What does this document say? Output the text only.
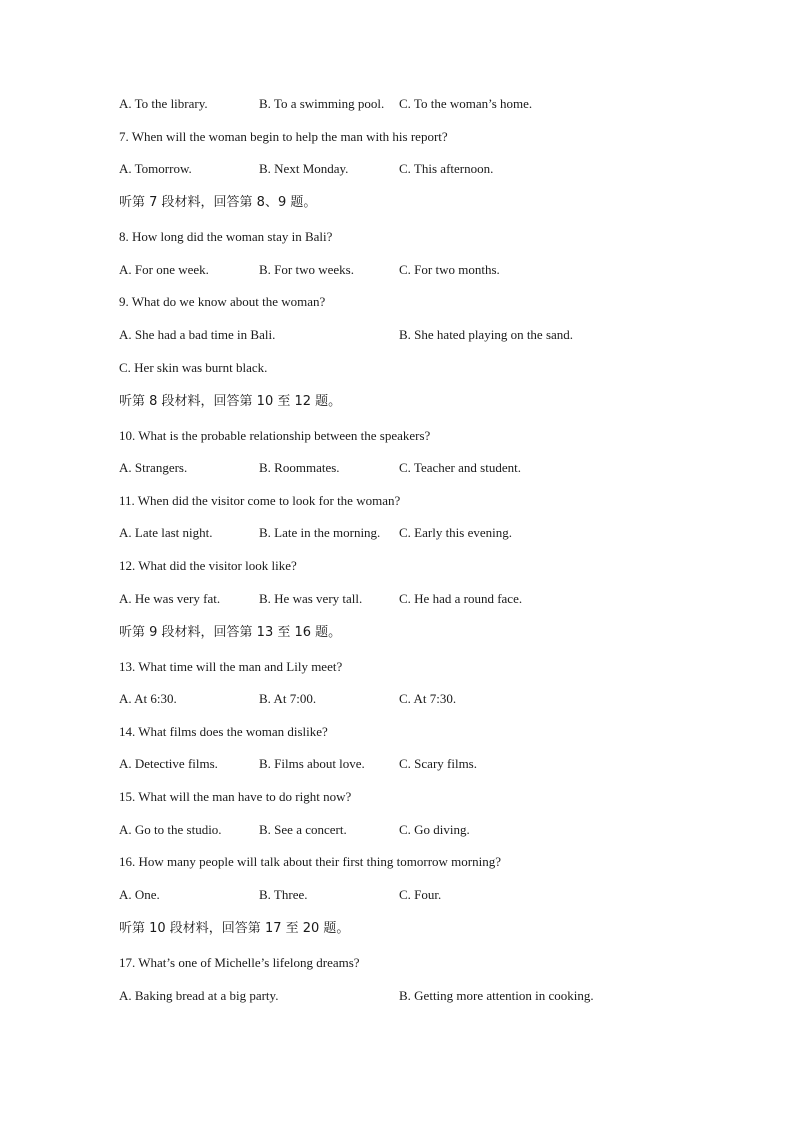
A. To the library.	B. To a swimming pool. C. To the woman’s home.
7. When will the woman begin to help the man with his report?
A. Tomorrow.	B. Next Monday.	C. This afternoon.
听第 7 段材料，回答第 8、9 题。
8. How long did the woman stay in Bali?
A. For one week.	B. For two weeks.	C. For two months.
9. What do we know about the woman?
A. She had a bad time in Bali.	B. She hated playing on the sand.
C. Her skin was burnt black.
听第 8 段材料，回答第 10 至 12 题。
10. What is the probable relationship between the speakers?
A. Strangers.	B. Roommates.	C. Teacher and student.
11. When did the visitor come to look for the woman?
A. Late last night.	B. Late in the morning. C. Early this evening.
12. What did the visitor look like?
A. He was very fat.	B. He was very tall.	C. He had a round face.
听第 9 段材料，回答第 13 至 16 题。
13. What time will the man and Lily meet?
A. At 6:30.	B. At 7:00.	C. At 7:30.
14. What films does the woman dislike?
A. Detective films.	B. Films about love.	C. Scary films.
15. What will the man have to do right now?
A. Go to the studio.	B. See a concert.	C. Go diving.
16. How many people will talk about their first thing tomorrow morning?
A. One.	B. Three.	C. Four.
听第 10 段材料，回答第 17 至 20 题。
17. What’s one of Michelle’s lifelong dreams?
A. Baking bread at a big party.	B. Getting more attention in cooking.
